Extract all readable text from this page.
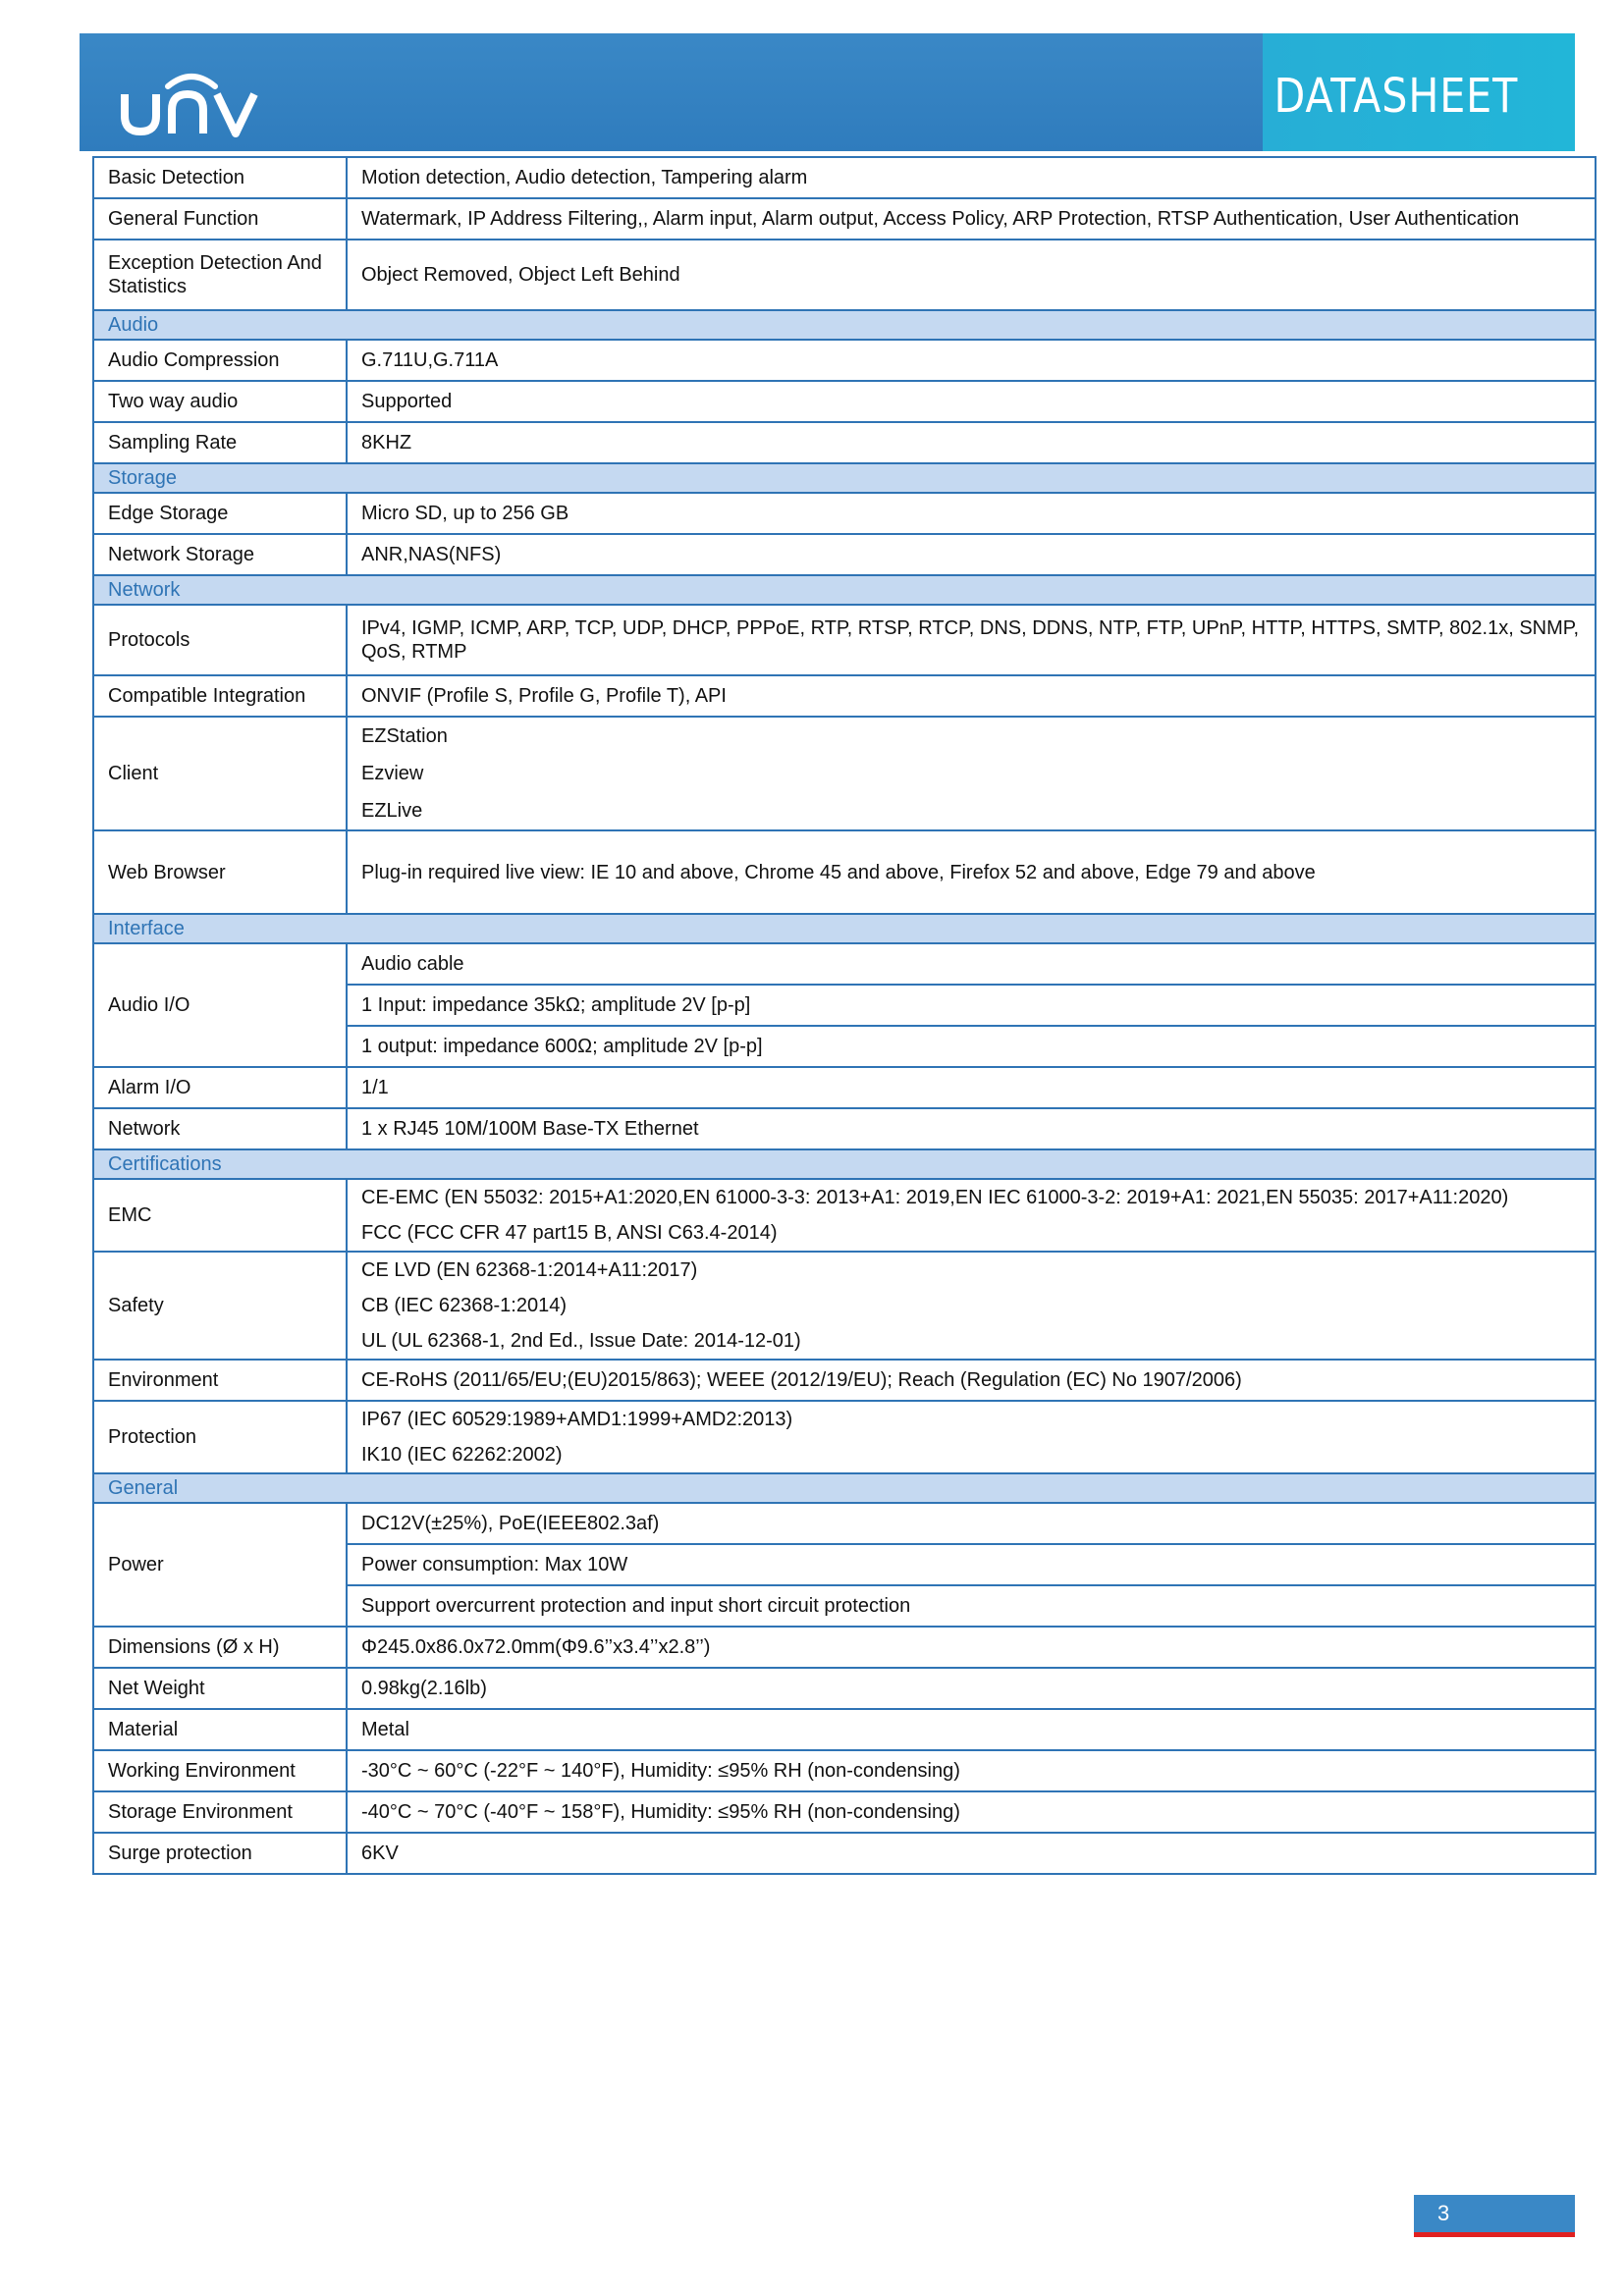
DATASHEET
Basic Detection	Motion detection, Audio detection, Tampering alarm
General Function	Watermark, IP Address Filtering,, Alarm input, Alarm output, Access Policy, ARP Protection, RTSP Authentication, User Authentication
Exception Detection And Statistics	Object Removed, Object Left Behind
Audio	
Audio Compression	G.711U,G.711A
Two way audio	Supported
Sampling Rate	8KHZ
Storage	
Edge Storage	Micro SD, up to 256 GB
Network Storage	ANR,NAS(NFS)
Network	
Protocols	IPv4, IGMP, ICMP, ARP, TCP, UDP, DHCP, PPPoE, RTP, RTSP, RTCP, DNS, DDNS, NTP, FTP, UPnP, HTTP, HTTPS, SMTP, 802.1x, SNMP, QoS, RTMP
Compatible Integration	ONVIF (Profile S, Profile G, Profile T), API
Client	EZStation
Ezview
EZLive

Web Browser	Plug-in required live view: IE 10 and above, Chrome 45 and above, Firefox 52 and above, Edge 79 and above
Interface	
Audio I/O	Audio cable
	1 Input: impedance 35kΩ; amplitude 2V [p-p]
	1 output: impedance 600Ω; amplitude 2V [p-p]
Alarm I/O	1/1
Network	1 x RJ45 10M/100M Base-TX Ethernet
Certifications	
EMC	CE-EMC (EN 55032: 2015+A1:2020,EN 61000-3-3: 2013+A1: 2019,EN IEC 61000-3-2: 2019+A1: 2021,EN 55035: 2017+A11:2020)
FCC (FCC CFR 47 part15 B, ANSI C63.4-2014)

Safety	CE LVD (EN 62368-1:2014+A11:2017)
CB (IEC 62368-1:2014)
UL (UL 62368-1, 2nd Ed., Issue Date: 2014-12-01)

Environment	CE-RoHS (2011/65/EU;(EU)2015/863); WEEE (2012/19/EU); Reach (Regulation (EC) No 1907/2006)
Protection	IP67 (IEC 60529:1989+AMD1:1999+AMD2:2013)
IK10 (IEC 62262:2002)

General	
Power	DC12V(±25%), PoE(IEEE802.3af)
	Power consumption: Max 10W
	Support overcurrent protection and input short circuit protection
Dimensions (Ø x H)	Φ245.0x86.0x72.0mm(Φ9.6’’x3.4’’x2.8’’)
Net Weight	0.98kg(2.16lb)
Material	Metal
Working Environment	-30°C ~ 60°C (-22°F ~ 140°F), Humidity: ≤95% RH (non-condensing)
Storage Environment	-40°C ~ 70°C (-40°F ~ 158°F), Humidity: ≤95% RH (non-condensing)
Surge protection	6KV
3
